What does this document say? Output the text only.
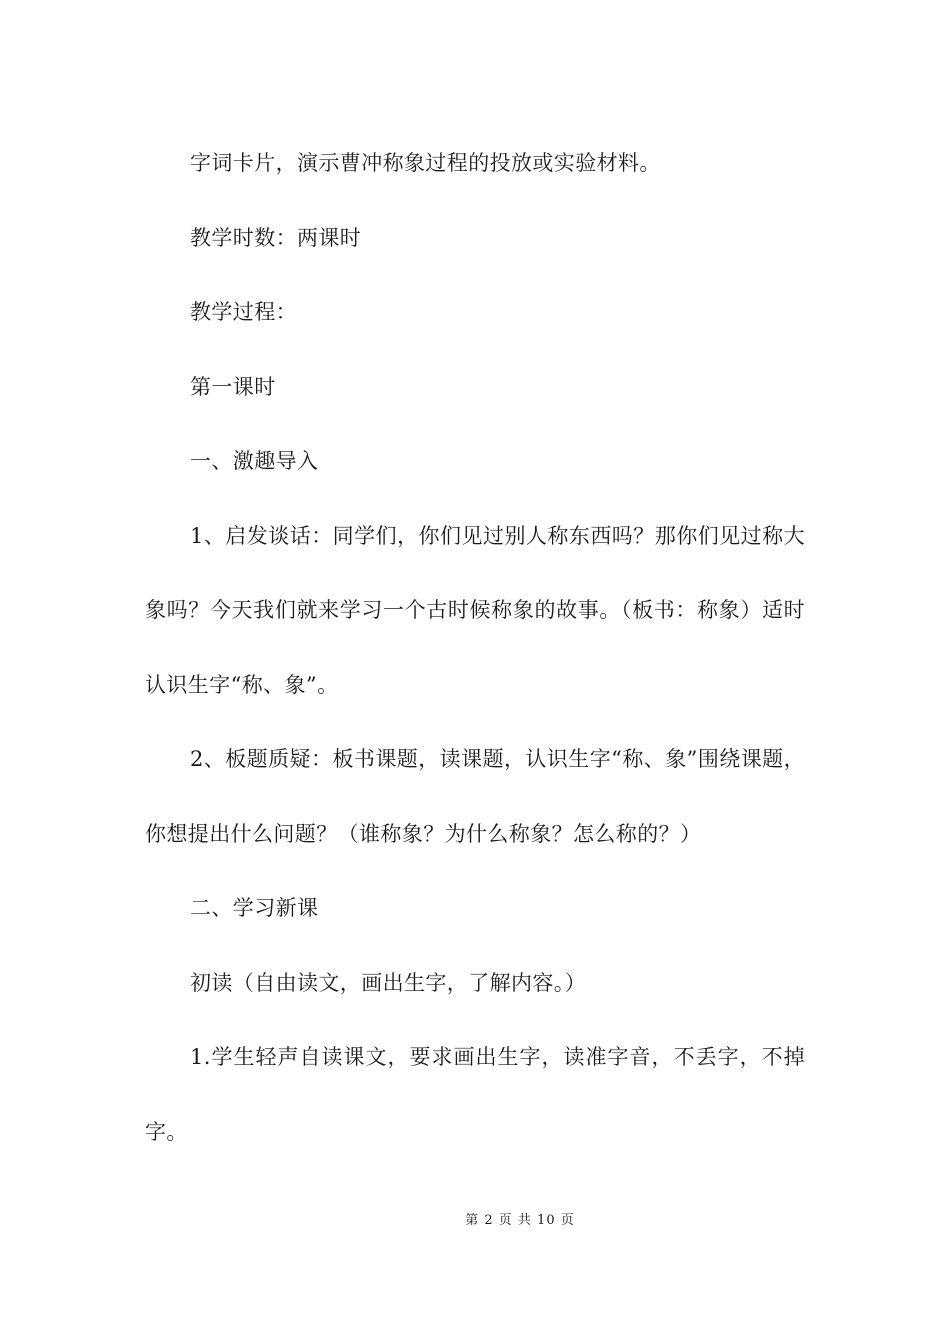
字词卡片，演示曹冲称象过程的投放或实验材料。

教学时数：两课时

教学过程：

第一课时

一、激趣导入

1、启发谈话：同学们，你们见过别人称东西吗？那你们见过称大象吗？今天我们就来学习一个古时候称象的故事。（板书：称象）适时认识生字“称、象”。

2、板题质疑：板书课题，读课题，认识生字“称、象”围绕课题，你想提出什么问题？（谁称象？为什么称象？怎么称的？）

二、学习新课

初读（自由读文，画出生字，了解内容。）

1.学生轻声自读课文，要求画出生字，读准字音，不丢字，不掉字。

第 2 页 共 10 页
